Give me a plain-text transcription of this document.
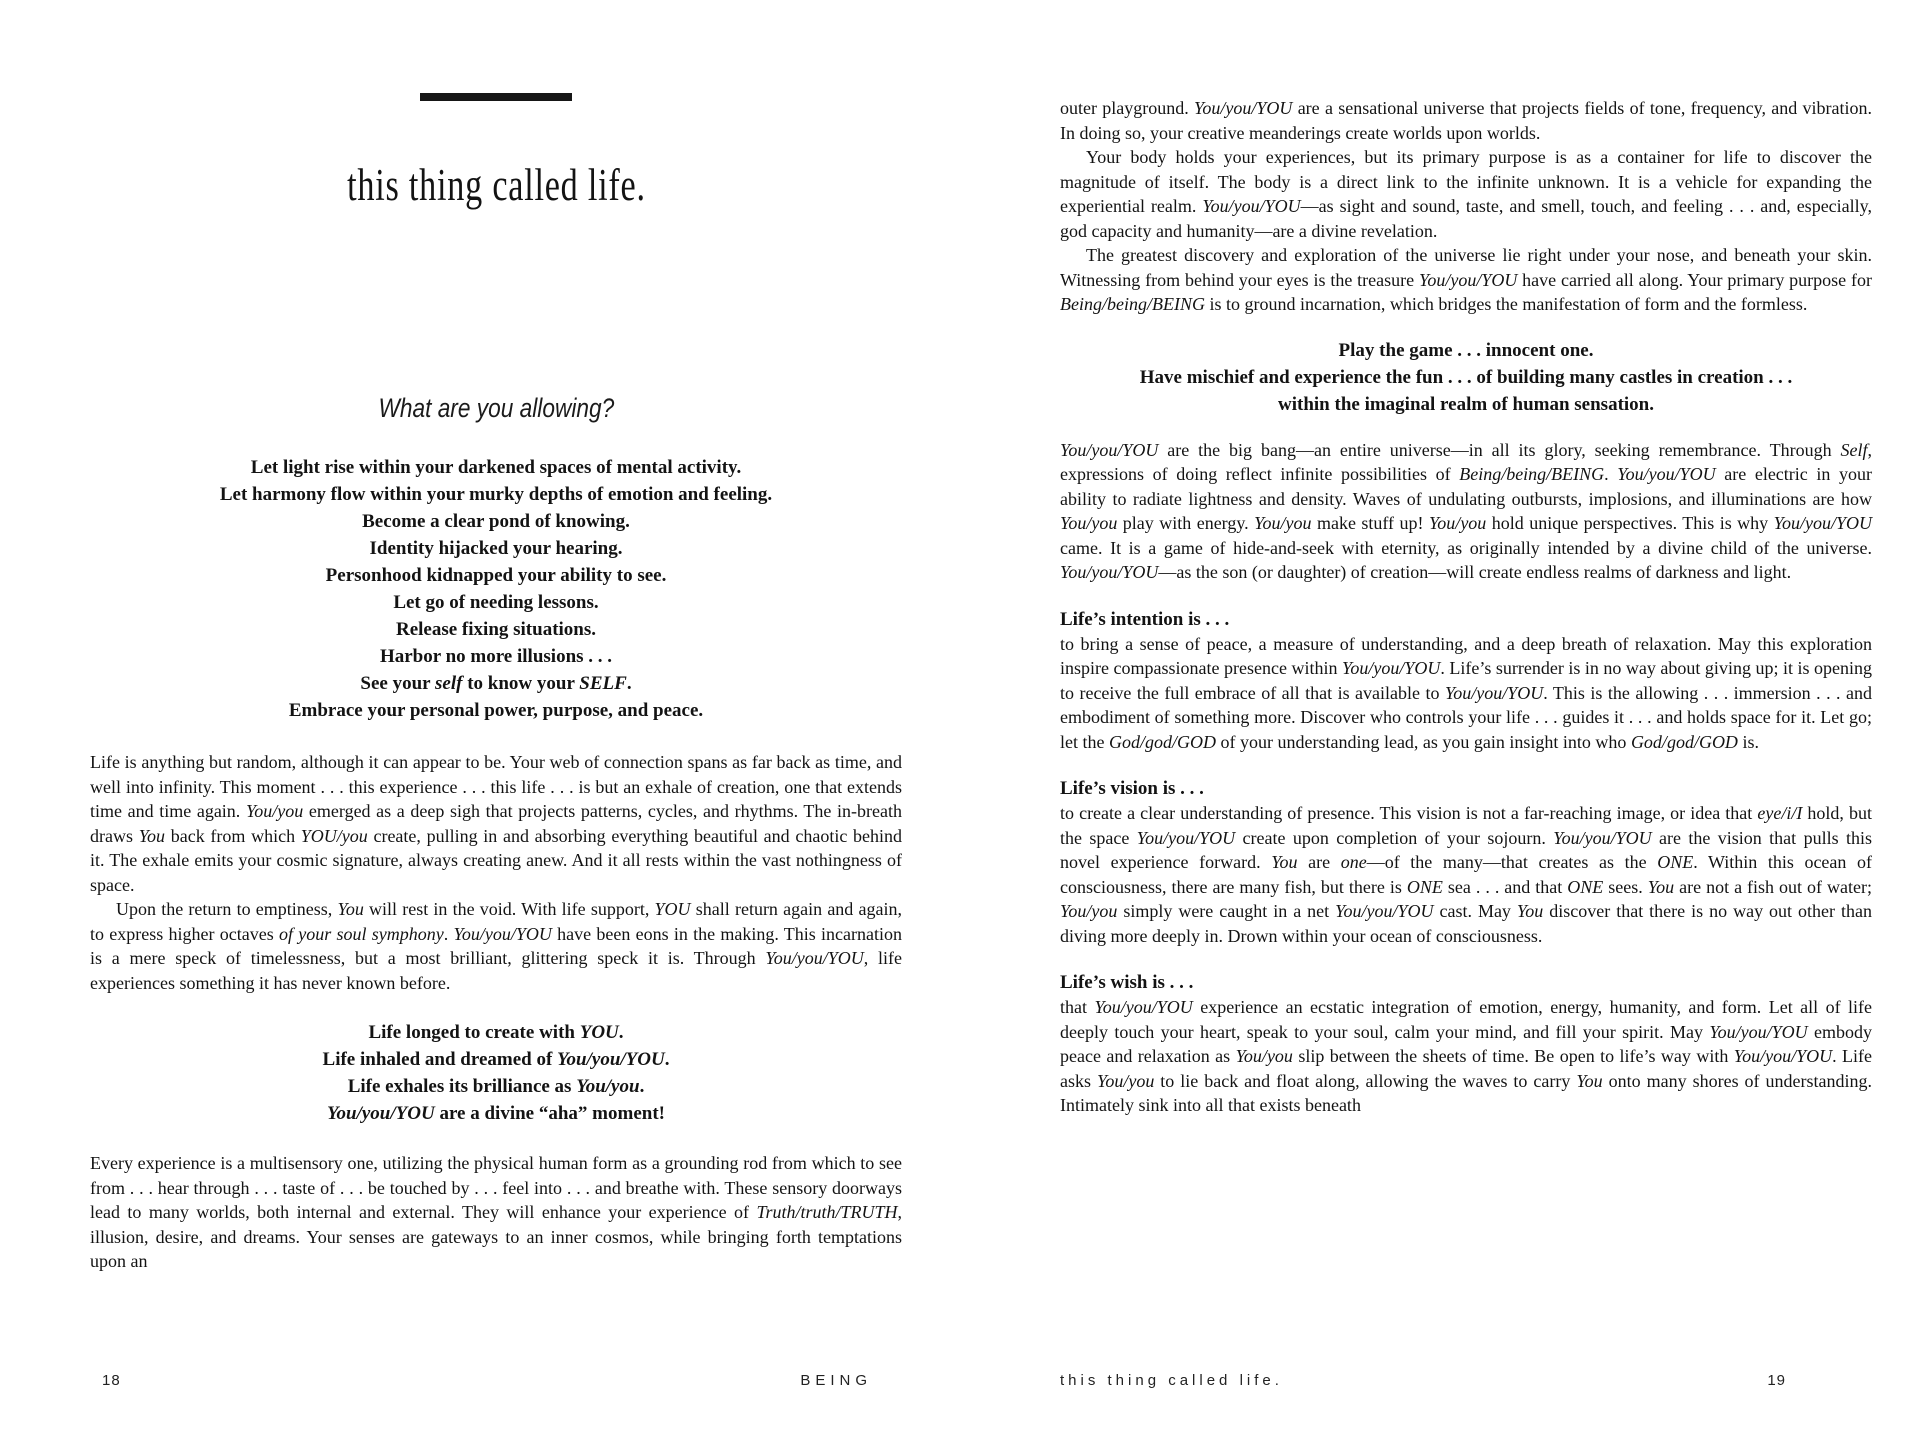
this thing called life.
What are you allowing?
Let light rise within your darkened spaces of mental activity.
Let harmony flow within your murky depths of emotion and feeling.
Become a clear pond of knowing.
Identity hijacked your hearing.
Personhood kidnapped your ability to see.
Let go of needing lessons.
Release fixing situations.
Harbor no more illusions . . .
See your self to know your SELF.
Embrace your personal power, purpose, and peace.
Life is anything but random, although it can appear to be. Your web of connection spans as far back as time, and well into infinity. This moment . . . this experience . . . this life . . . is but an exhale of creation, one that extends time and time again. You/you emerged as a deep sigh that projects patterns, cycles, and rhythms. The in-breath draws You back from which YOU/you create, pulling in and absorbing everything beautiful and chaotic behind it. The exhale emits your cosmic signature, always creating anew. And it all rests within the vast nothingness of space.
Upon the return to emptiness, You will rest in the void. With life support, YOU shall return again and again, to express higher octaves of your soul symphony. You/you/YOU have been eons in the making. This incarnation is a mere speck of timelessness, but a most brilliant, glittering speck it is. Through You/you/YOU, life experiences something it has never known before.
Life longed to create with YOU.
Life inhaled and dreamed of You/you/YOU.
Life exhales its brilliance as You/you.
You/you/YOU are a divine “aha” moment!

Every experience is a multisensory one, utilizing the physical human form as a grounding rod from which to see from . . . hear through . . . taste of . . . be touched by . . . feel into . . . and breathe with. These sensory doorways lead to many worlds, both internal and external. They will enhance your experience of Truth/truth/TRUTH, illusion, desire, and dreams. Your senses are gateways to an inner cosmos, while bringing forth temptations upon an

18	BEING
outer playground. You/you/YOU are a sensational universe that projects fields of tone, frequency, and vibration. In doing so, your creative meanderings create worlds upon worlds.
Your body holds your experiences, but its primary purpose is as a container for life to discover the magnitude of itself. The body is a direct link to the infinite unknown. It is a vehicle for expanding the experiential realm. You/you/YOU—as sight and sound, taste, and smell, touch, and feeling . . . and, especially, god capacity and humanity—are a divine revelation.
The greatest discovery and exploration of the universe lie right under your nose, and beneath your skin. Witnessing from behind your eyes is the treasure You/you/YOU have carried all along. Your primary purpose for Being/being/BEING is to ground incarnation, which bridges the manifestation of form and the formless.
Play the game . . . innocent one.
Have mischief and experience the fun . . . of building many castles in creation . . .
within the imaginal realm of human sensation.

You/you/YOU are the big bang—an entire universe—in all its glory, seeking remembrance. Through Self, expressions of doing reflect infinite possibilities of Being/being/BEING. You/you/YOU are electric in your ability to radiate lightness and density. Waves of undulating outbursts, implosions, and illuminations are how You/you play with energy. You/you make stuff up! You/you hold unique perspectives. This is why You/you/YOU came. It is a game of hide-and-seek with eternity, as originally intended by a divine child of the universe. You/you/YOU—as the son (or daughter) of creation—will create endless realms of darkness and light.

Life’s intention is . . .

to bring a sense of peace, a measure of understanding, and a deep breath of relaxation. May this exploration inspire compassionate presence within You/you/YOU. Life’s surrender is in no way about giving up; it is opening to receive the full embrace of all that is available to You/you/YOU. This is the allowing . . . immersion . . . and embodiment of something more. Discover who controls your life . . . guides it . . . and holds space for it. Let go; let the God/god/GOD of your understanding lead, as you gain insight into who God/god/GOD is.

Life’s vision is . . .

to create a clear understanding of presence. This vision is not a far-reaching image, or idea that eye/i/I hold, but the space You/you/YOU create upon completion of your sojourn. You/you/YOU are the vision that pulls this novel experience forward. You are one—of the many—that creates as the ONE. Within this ocean of consciousness, there are many fish, but there is ONE sea . . . and that ONE sees. You are not a fish out of water; You/you simply were caught in a net You/you/YOU cast. May You discover that there is no way out other than diving more deeply in. Drown within your ocean of consciousness.

Life’s wish is . . .

that You/you/YOU experience an ecstatic integration of emotion, energy, humanity, and form. Let all of life deeply touch your heart, speak to your soul, calm your mind, and fill your spirit. May You/you/YOU embody peace and relaxation as You/you slip between the sheets of time. Be open to life’s way with You/you/YOU. Life asks You/you to lie back and float along, allowing the waves to carry You onto many shores of understanding. Intimately sink into all that exists beneath

this thing called life.	19
